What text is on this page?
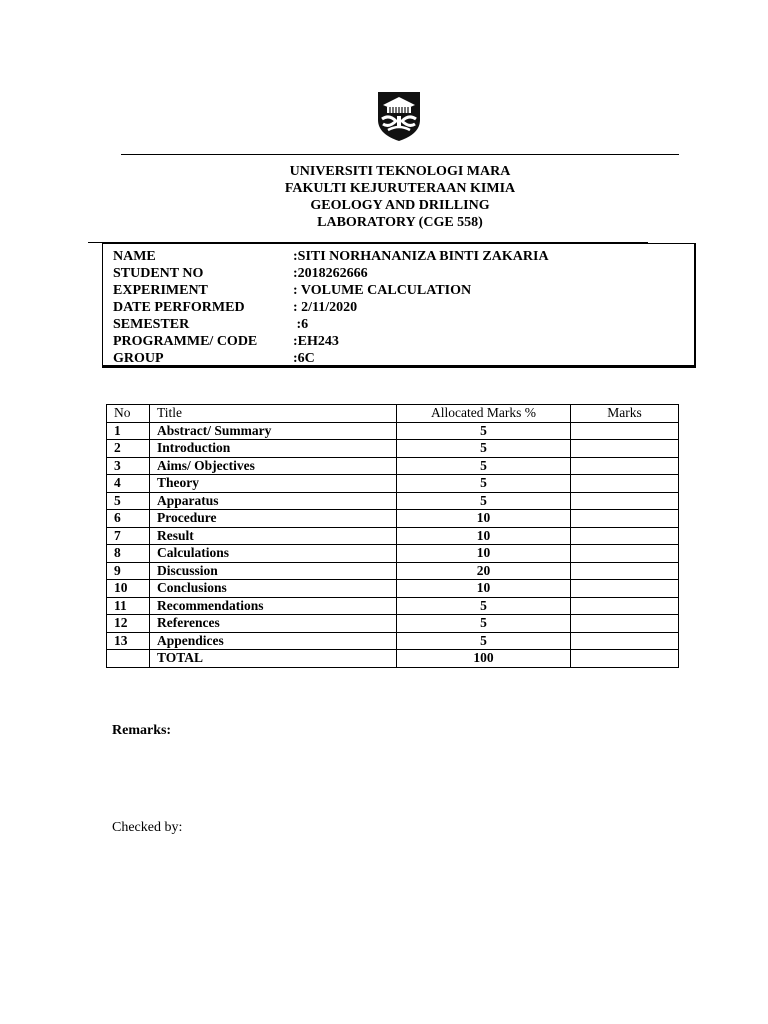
UNIVERSITI TEKNOLOGI MARA
FAKULTI KEJURUTERAAN KIMIA
GEOLOGY AND DRILLING
LABORATORY (CGE 558)
NAME	:SITI NORHANANIZA BINTI ZAKARIA
STUDENT NO	:2018262666
EXPERIMENT	: VOLUME CALCULATION
DATE PERFORMED	: 2/11/2020
SEMESTER	:6
PROGRAMME/ CODE	:EH243
GROUP	:6C
No	Title	Allocated Marks %	Marks
1	Abstract/ Summary	5	
2	Introduction	5	
3	Aims/ Objectives	5	
4	Theory	5	
5	Apparatus	5	
6	Procedure	10	
7	Result	10	
8	Calculations	10	
9	Discussion	20	
10	Conclusions	10	
11	Recommendations	5	
12	References	5	
13	Appendices	5	
	TOTAL	100	
Remarks:
Checked by:
